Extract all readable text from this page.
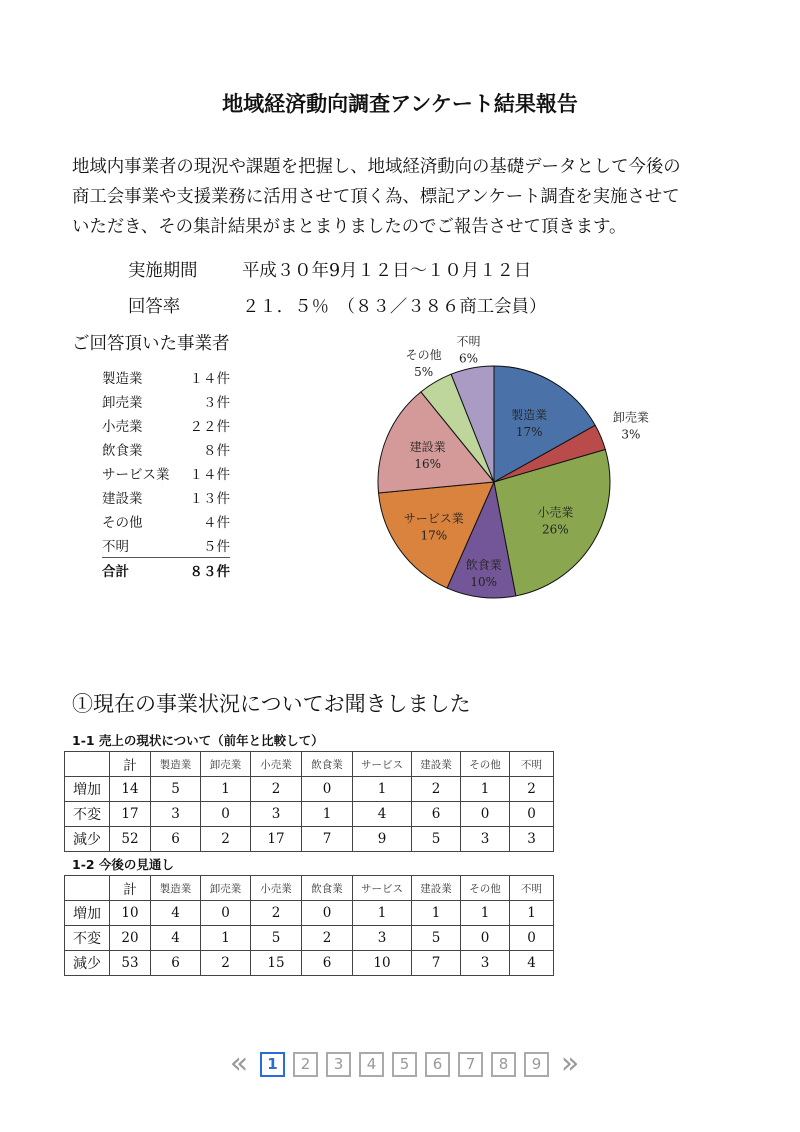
地域経済動向調査アンケート結果報告
地域内事業者の現況や課題を把握し、地域経済動向の基礎データとして今後の
商工会事業や支援業務に活用させて頂く為、標記アンケート調査を実施させて
いただき、その集計結果がまとまりましたのでご報告させて頂きます。
実施期間	平成３０年9月１２日～１０月１２日
回答率	２１．５％　（８３／３８６商工会員）
ご回答頂いた事業者
製造業	１４件
卸売業	３件
小売業	２２件
飲食業	８件
サービス業 １４件
建設業	１３件
その他	４件
不明	５件
合計	８３件
製造業
17%
卸売業
3%
小売業
26%
飲食業
10%
サービス業
17%
建設業
16%
その他
5%
不明
6%
①現在の事業状況についてお聞きしました
1-1 売上の現状について（前年と比較して）
	計	製造業	卸売業	小売業	飲食業	サービス	建設業	その他	不明
増加	14	5	1	2	0	1	2	1	2
不変	17	3	0	3	1	4	6	0	0
減少	52	6	2	17	7	9	5	3	3
1-2 今後の見通し
	計	製造業	卸売業	小売業	飲食業	サービス	建設業	その他	不明
増加	10	4	0	2	0	1	1	1	1
不変	20	4	1	5	2	3	5	0	0
減少	53	6	2	15	6	10	7	3	4
«	1	2	3	4	5	6	7	8	9 »
